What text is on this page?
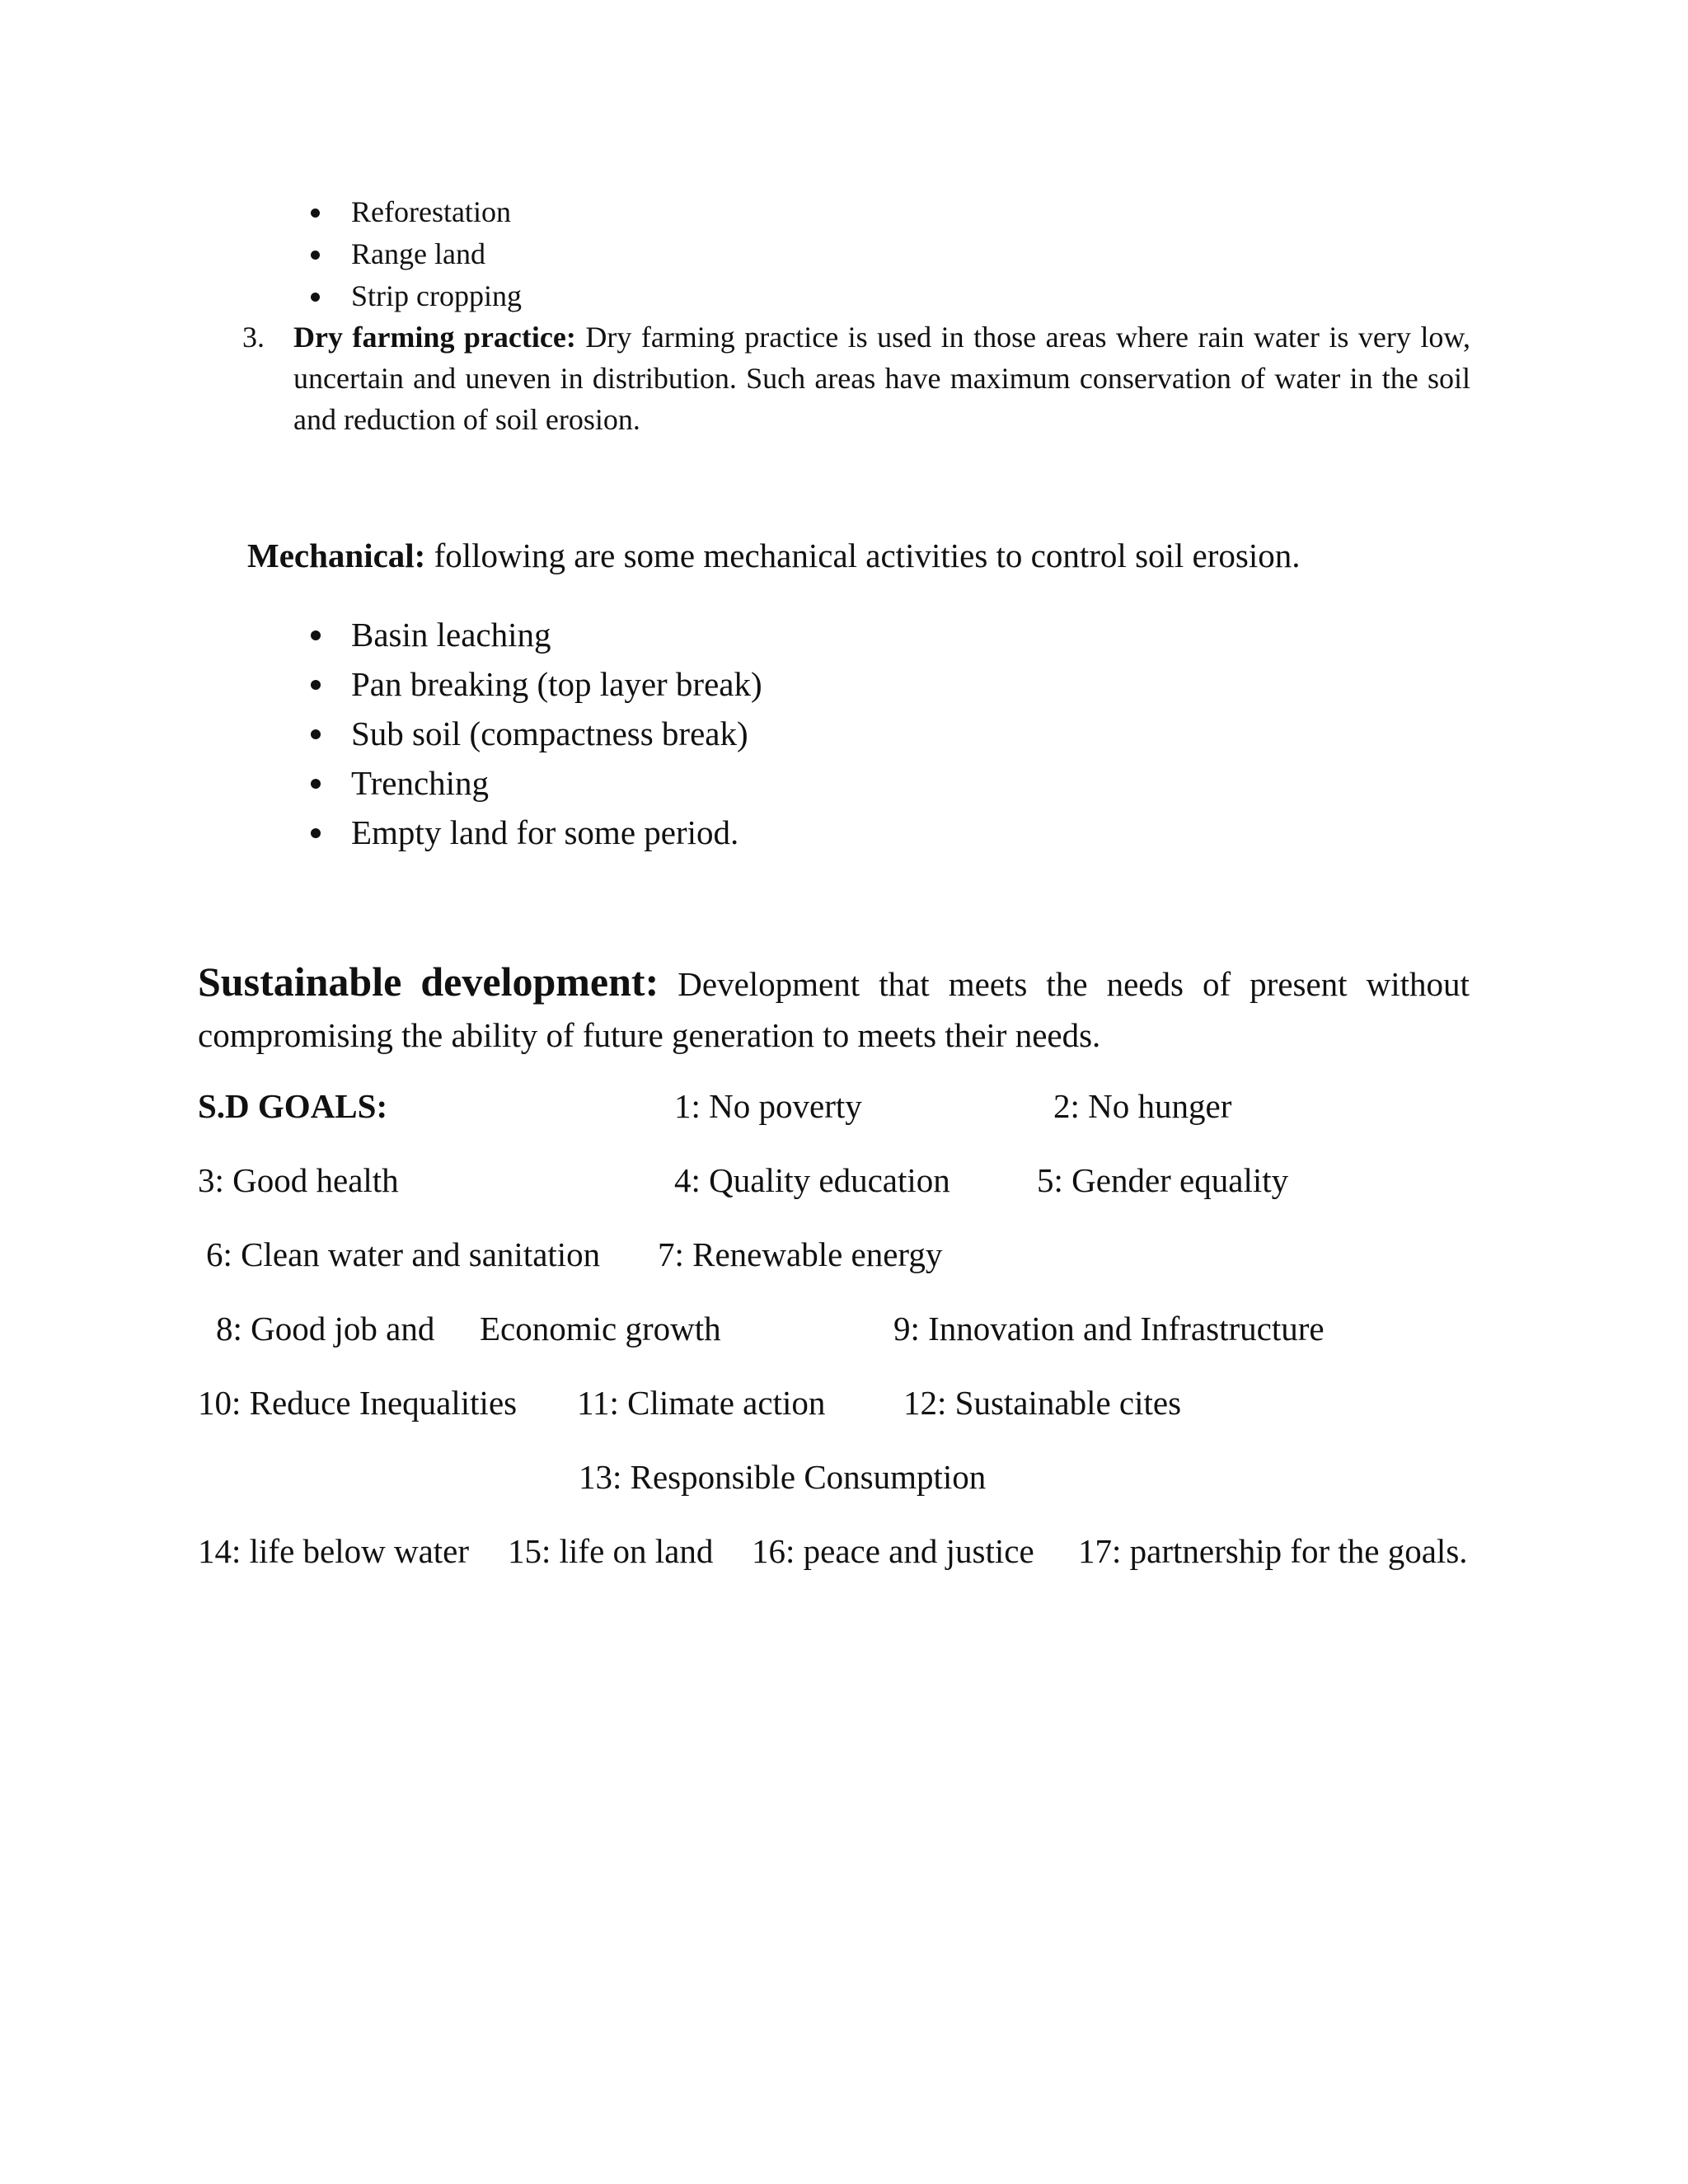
Reforestation
Range land
Strip cropping
3. Dry farming practice: Dry farming practice is used in those areas where rain water is very low, uncertain and uneven in distribution. Such areas have maximum conservation of water in the soil and reduction of soil erosion.
Mechanical: following are some mechanical activities to control soil erosion.
Basin leaching
Pan breaking (top layer break)
Sub soil (compactness break)
Trenching
Empty land for some period.
Sustainable development: Development that meets the needs of present without
compromising the ability of future generation to meets their needs.
S.D GOALS:	1: No poverty	2: No hunger
3: Good health	4: Quality education	5: Gender equality
6: Clean water and sanitation 7: Renewable energy
8: Good job and Economic growth	9: Innovation and Infrastructure
10: Reduce Inequalities 11: Climate action 12: Sustainable cites
13: Responsible Consumption
14: life below water 15: life on land 16: peace and justice 17: partnership for the goals.
